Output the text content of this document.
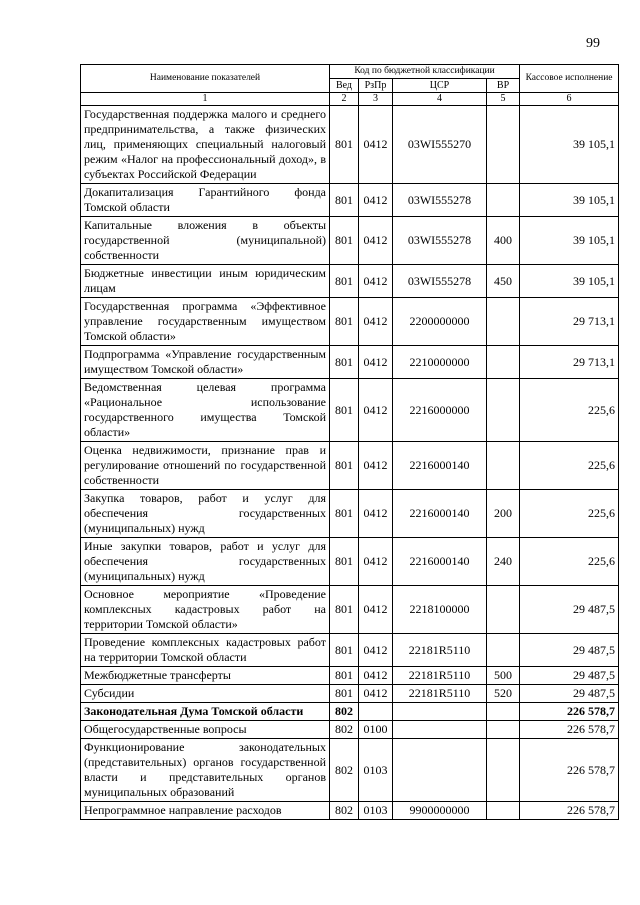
99
Наименование показателей	Код по бюджетной классификации				Кассовое исполнение
	Вед	РзПр	ЦСР	ВР	
1	2	3	4	5	6
Государственная поддержка малого и среднего предпринимательства, а также физических лиц, применяющих специальный налоговый режим «Налог на профессиональный доход», в субъектах Российской Федерации	801	0412	03WI555270		39 105,1
Докапитализация Гарантийного фонда Томской области	801	0412	03WI555278		39 105,1
Капитальные вложения в объекты государственной (муниципальной) собственности	801	0412	03WI555278	400	39 105,1
Бюджетные инвестиции иным юридическим лицам	801	0412	03WI555278	450	39 105,1
Государственная программа «Эффективное управление государственным имуществом Томской области»	801	0412	2200000000		29 713,1
Подпрограмма «Управление государственным имуществом Томской области»	801	0412	2210000000		29 713,1
Ведомственная целевая программа «Рациональное использование государственного имущества Томской области»	801	0412	2216000000		225,6
Оценка недвижимости, признание прав и регулирование отношений по государственной собственности	801	0412	2216000140		225,6
Закупка товаров, работ и услуг для обеспечения государственных (муниципальных) нужд	801	0412	2216000140	200	225,6
Иные закупки товаров, работ и услуг для обеспечения государственных (муниципальных) нужд	801	0412	2216000140	240	225,6
Основное мероприятие «Проведение комплексных кадастровых работ на территории Томской области»	801	0412	2218100000		29 487,5
Проведение комплексных кадастровых работ на территории Томской области	801	0412	22181R5110		29 487,5
Межбюджетные трансферты	801	0412	22181R5110	500	29 487,5
Субсидии	801	0412	22181R5110	520	29 487,5
Законодательная Дума Томской области	802				226 578,7
Общегосударственные вопросы	802	0100			226 578,7
Функционирование законодательных (представительных) органов государственной власти и представительных органов муниципальных образований	802	0103			226 578,7
Непрограммное направление расходов	802	0103	9900000000		226 578,7
